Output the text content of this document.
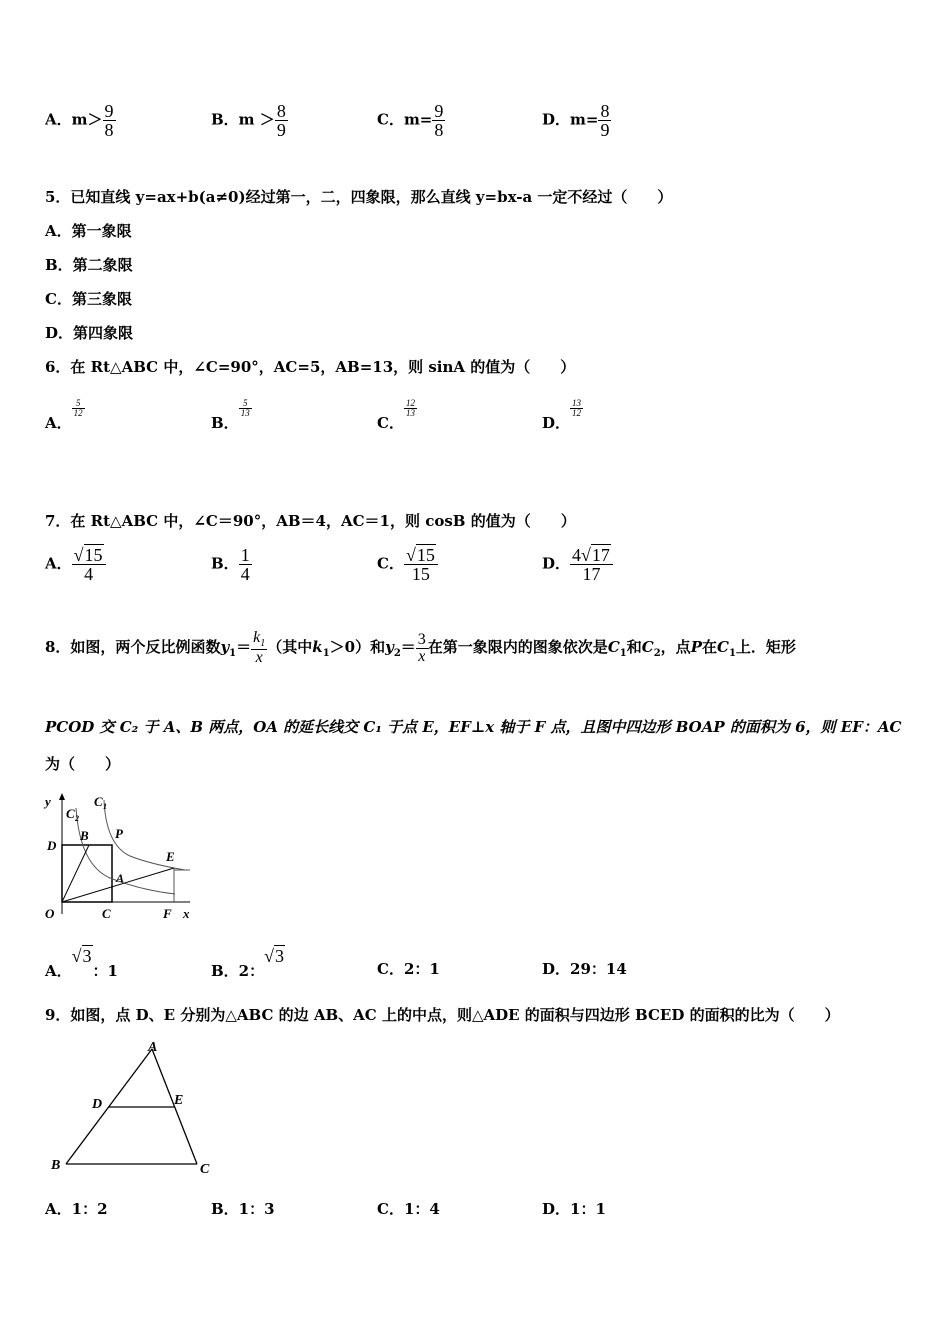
A．$m> \frac{9}{8}$	B．$m > \frac{8}{9}$	C．$m= \frac{9}{8}$	D．$m= \frac{8}{9}$
5．已知直线 y=ax+b(a≠0)经过第一，二，四象限，那么直线 y=bx-a 一定不经过（　　）
A．第一象限
B．第二象限
C．第三象限
D．第四象限
6．在 Rt△ABC 中，∠C=90°，AC=5，AB=13，则 sinA 的值为（　　）
A．
$\frac{5}{12}$
B．
$\frac{5}{13}$
C．
$\frac{12}{13}$
D．
$\frac{13}{12}$
7．在 Rt△ABC 中，∠C＝90°，AB＝4，AC＝1，则 cosB 的值为（　　）
A． $\frac{√15}{4}$	B． $\frac{1}{4}$	C． $\frac{√15}{15}$	D． $\frac{4√17}{17}$
8．如图，两个反比例函数$y_1= \frac{k_1}{x}$ （其中$k_1>0$）和$y_2= \frac{3}{x}$ 在第一象限内的图象依次是$C_1$和$C_2$，点P在$C_1$上．矩形
PCOD 交 C₂ 于 A、B 两点，OA 的延长线交 C₁ 于点 E，EF⊥x 轴于 F 点，且图中四边形 BOAP 的面积为 6，则 EF：AC
为（　　）
y
C 2
C 1
B P
D
E
A
O	C	F x
A．√3：1	B．2：√3
C．2：1	D．29：14
9．如图，点 D、E 分别为△ABC 的边 AB、AC 上的中点，则△ADE 的面积与四边形 BCED 的面积的比为（　　）
A
D	E
B	C
A．1：2	B．1：3	C．1：4	D．1：1
